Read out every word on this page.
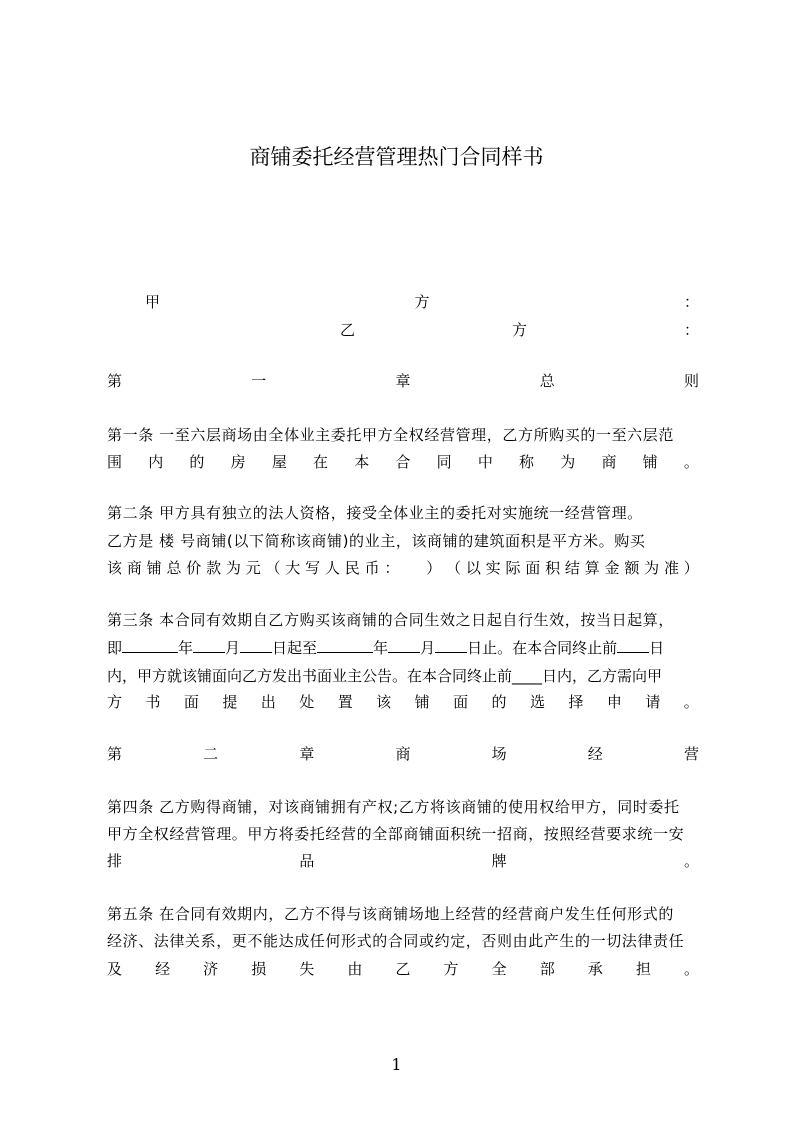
商铺委托经营管理热门合同样书
甲	方	：
乙	方	：
第	一	章	总	则
第一条 一至六层商场由全体业主委托甲方全权经营管理，乙方所购买的一至六层范
围 内 的 房 屋 在 本 合 同 中 称 为 商 铺 。
第二条 甲方具有独立的法人资格，接受全体业主的委托对实施统一经营管理。
乙方是 楼 号商铺(以下简称该商铺)的业主，该商铺的建筑面积是平方米。购买
该 商 铺 总 价 款 为 元 （ 大 写 人 民 币 ： ） （ 以 实 际 面 积 结 算 金 额 为 准 ）
第三条 本合同有效期自乙方购买该商铺的合同生效之日起自行生效，按当日起算，
即	年 月 日起至	年 月 日止。在本合同终止前 日
内，甲方就该铺面向乙方发出书面业主公告。在本合同终止前____日内，乙方需向甲
方 书 面 提 出 处 置 该 铺 面 的 选 择 申 请 。
第	二	章	商	场	经	营
第四条 乙方购得商铺，对该商铺拥有产权;乙方将该商铺的使用权给甲方，同时委托
甲方全权经营管理。甲方将委托经营的全部商铺面积统一招商，按照经营要求统一安
排	品	牌	。
第五条 在合同有效期内，乙方不得与该商铺场地上经营的经营商户发生任何形式的
经济、法律关系，更不能达成任何形式的合同或约定，否则由此产生的一切法律责任
及 经 济 损 失 由 乙 方 全 部 承 担 。
1
